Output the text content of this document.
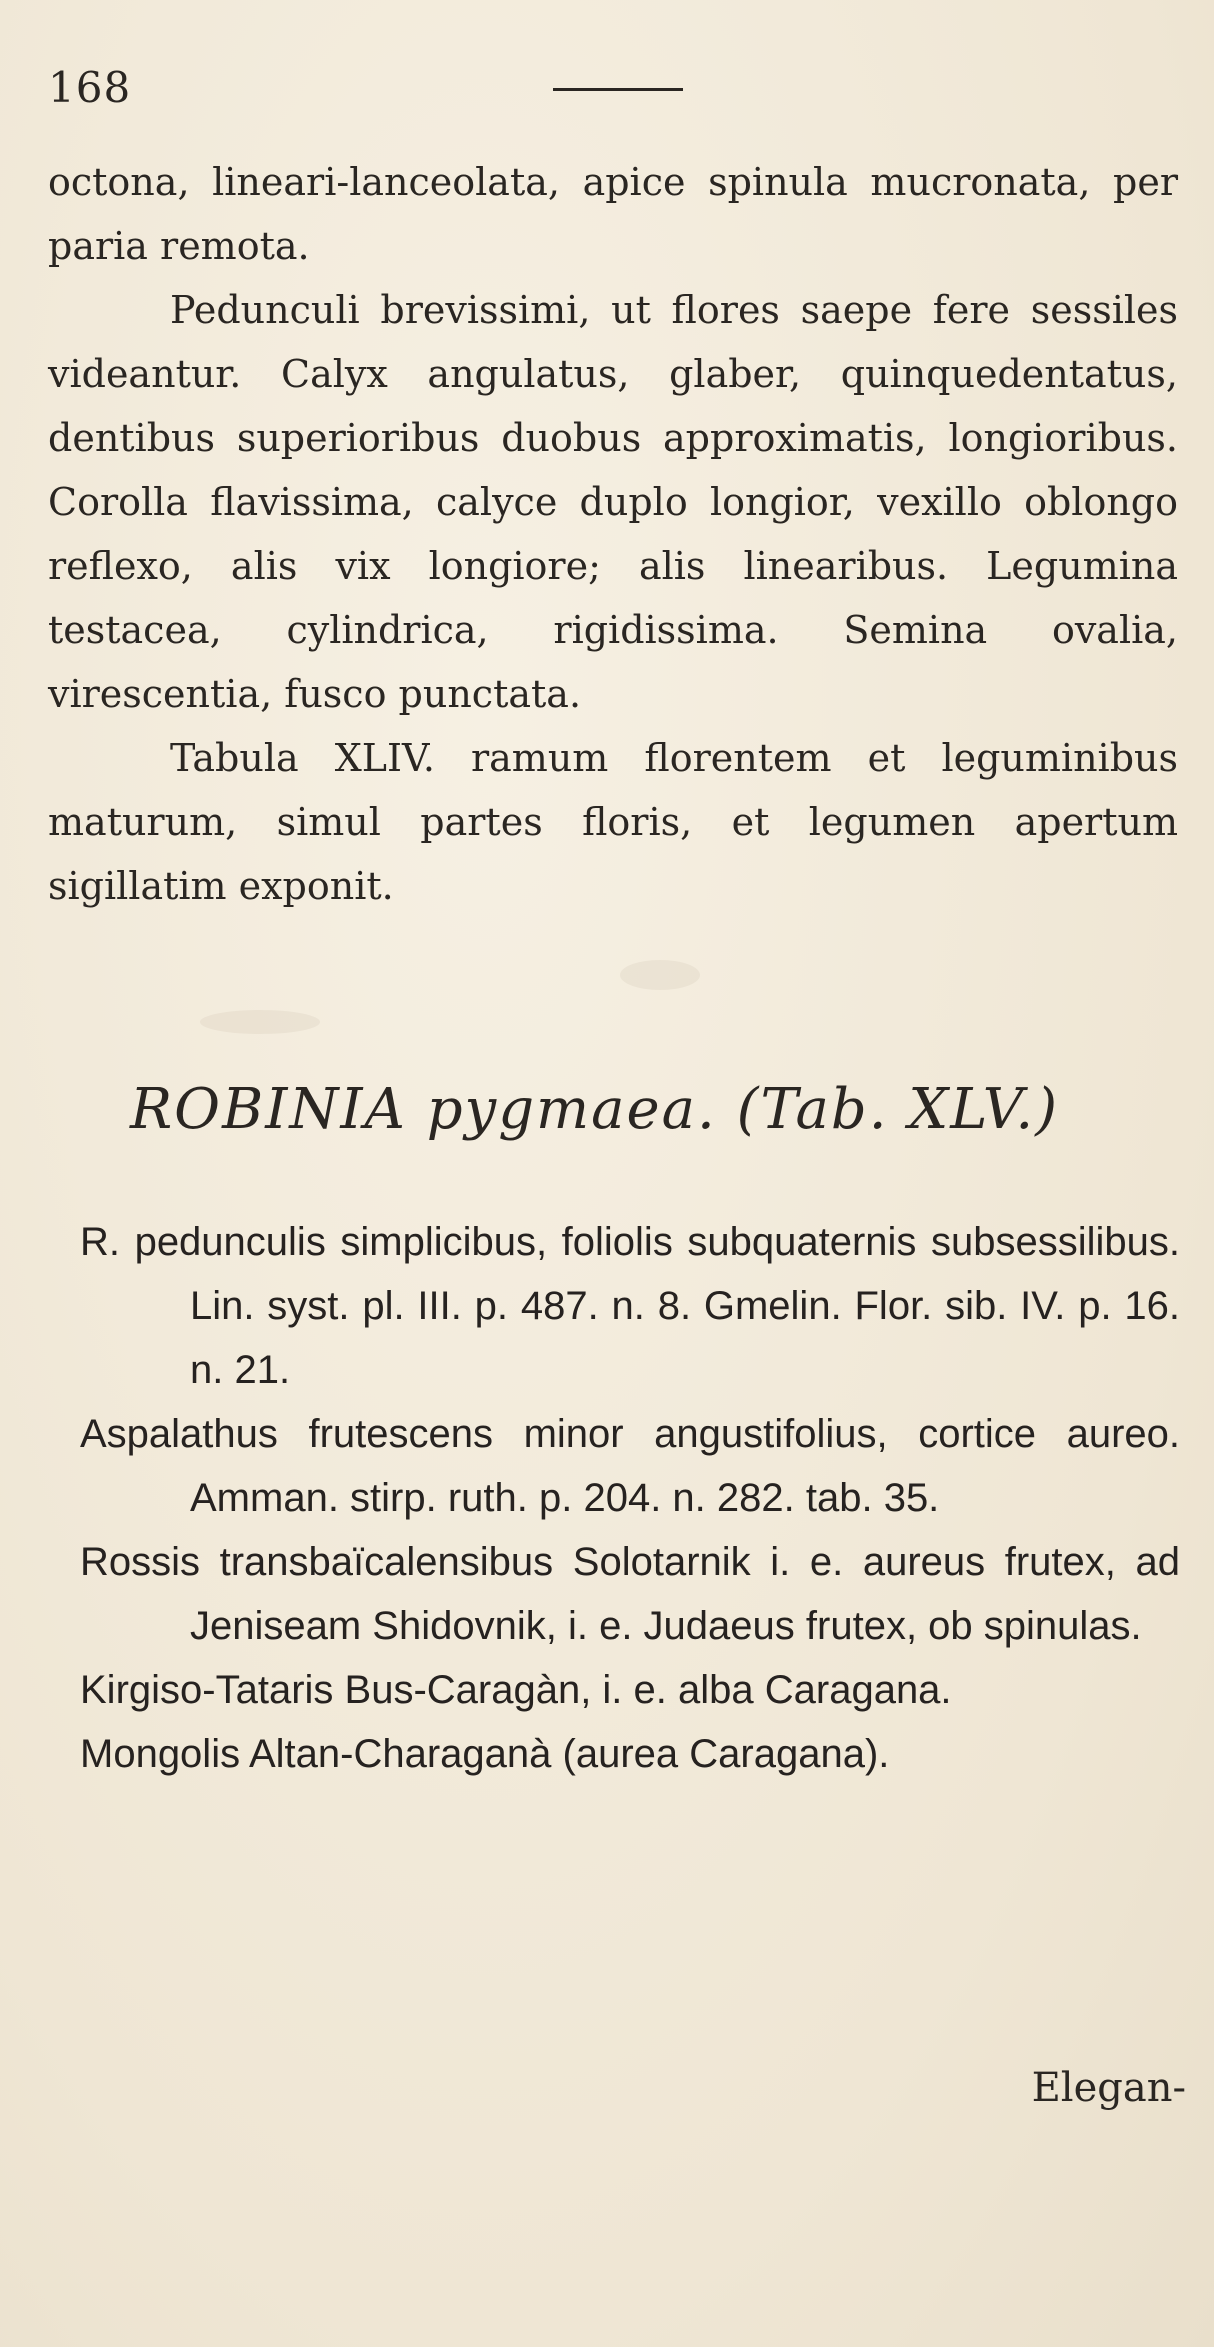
168

octona, lineari-lanceolata, apice spinula mucronata, per paria remota.

Pedunculi brevissimi, ut flores saepe fere sessiles videantur. Calyx angulatus, glaber, quinquedentatus, dentibus superioribus duobus approximatis, longioribus. Corolla flavissima, calyce duplo longior, vexillo oblongo reflexo, alis vix longiore; alis linearibus. Legumina testacea, cylindrica, rigidissima. Semina ovalia, virescentia, fusco punctata.

Tabula XLIV. ramum florentem et leguminibus maturum, simul partes floris, et legumen apertum sigillatim exponit.

ROBINIA pygmaea. (Tab. XLV.)

R. pedunculis simplicibus, foliolis subquaternis subsessilibus. Lin. syst. pl. III. p. 487. n. 8. Gmelin. Flor. sib. IV. p. 16. n. 21.

Aspalathus frutescens minor angustifolius, cortice aureo. Amman. stirp. ruth. p. 204. n. 282. tab. 35.

Rossis transbaïcalensibus Solotarnik i. e. aureus frutex, ad Jeniseam Shidovnik, i. e. Judaeus frutex, ob spinulas.

Kirgiso-Tataris Bus-Caragàn, i. e. alba Caragana.

Mongolis Altan-Charaganà (aurea Caragana).

Elegan-
